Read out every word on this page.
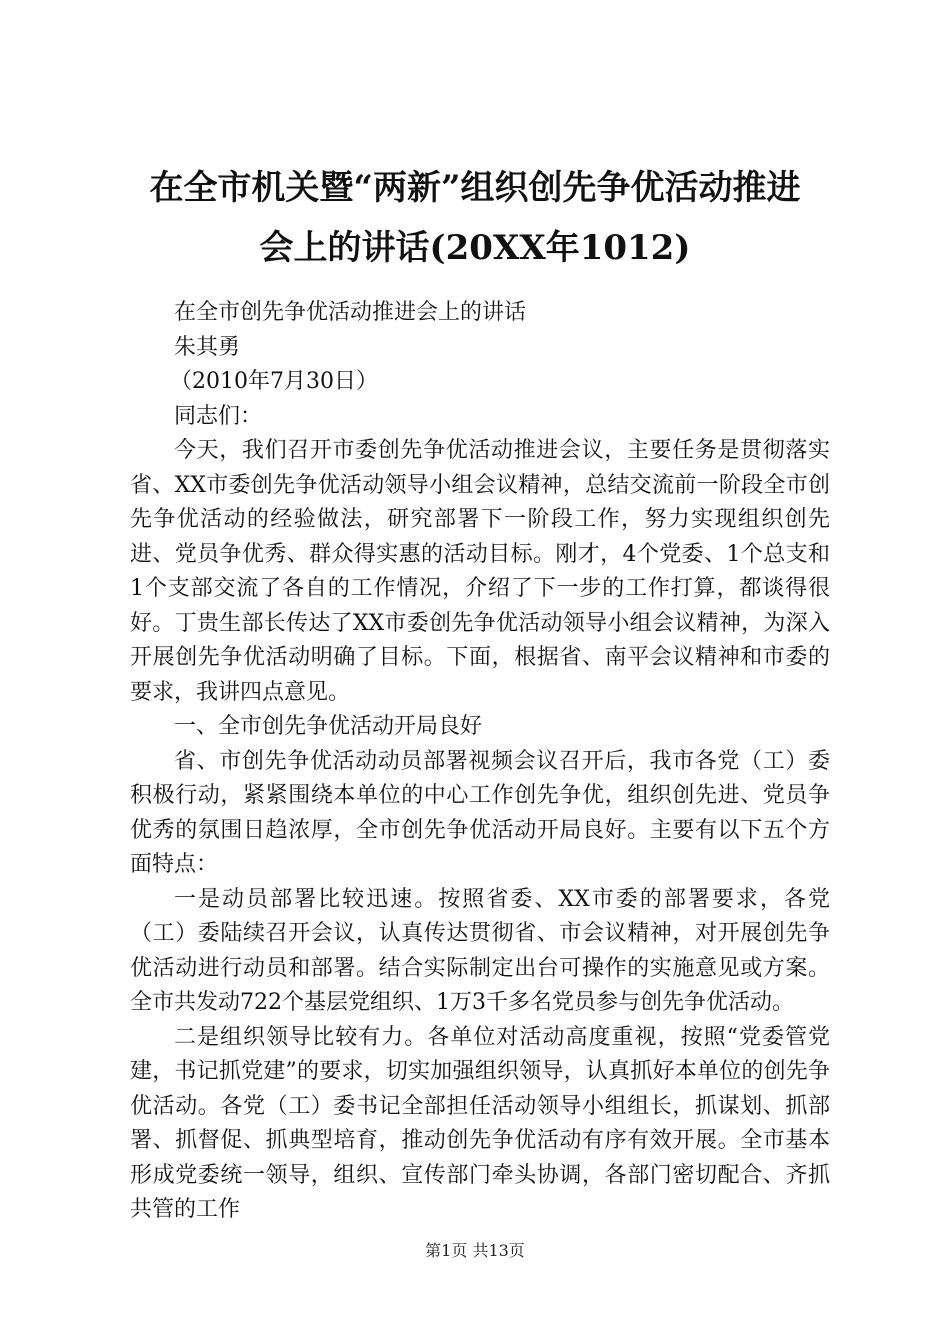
在全市机关暨“两新”组织创先争优活动推进
会上的讲话(20XX年1012)

在全市创先争优活动推进会上的讲话

朱其勇

（2010年7月30日）

同志们：

今天，我们召开市委创先争优活动推进会议，主要任务是贯彻落实省、XX市委创先争优活动领导小组会议精神，总结交流前一阶段全市创先争优活动的经验做法，研究部署下一阶段工作，努力实现组织创先进、党员争优秀、群众得实惠的活动目标。刚才，4个党委、1个总支和1个支部交流了各自的工作情况，介绍了下一步的工作打算，都谈得很好。丁贵生部长传达了XX市委创先争优活动领导小组会议精神，为深入开展创先争优活动明确了目标。下面，根据省、南平会议精神和市委的要求，我讲四点意见。

一、全市创先争优活动开局良好

省、市创先争优活动动员部署视频会议召开后，我市各党（工）委积极行动，紧紧围绕本单位的中心工作创先争优，组织创先进、党员争优秀的氛围日趋浓厚，全市创先争优活动开局良好。主要有以下五个方面特点：

一是动员部署比较迅速。按照省委、XX市委的部署要求，各党（工）委陆续召开会议，认真传达贯彻省、市会议精神，对开展创先争优活动进行动员和部署。结合实际制定出台可操作的实施意见或方案。全市共发动722个基层党组织、1万3千多名党员参与创先争优活动。

二是组织领导比较有力。各单位对活动高度重视，按照“党委管党建，书记抓党建”的要求，切实加强组织领导，认真抓好本单位的创先争优活动。各党（工）委书记全部担任活动领导小组组长，抓谋划、抓部署、抓督促、抓典型培育，推动创先争优活动有序有效开展。全市基本形成党委统一领导，组织、宣传部门牵头协调，各部门密切配合、齐抓共管的工作

第1页 共13页
